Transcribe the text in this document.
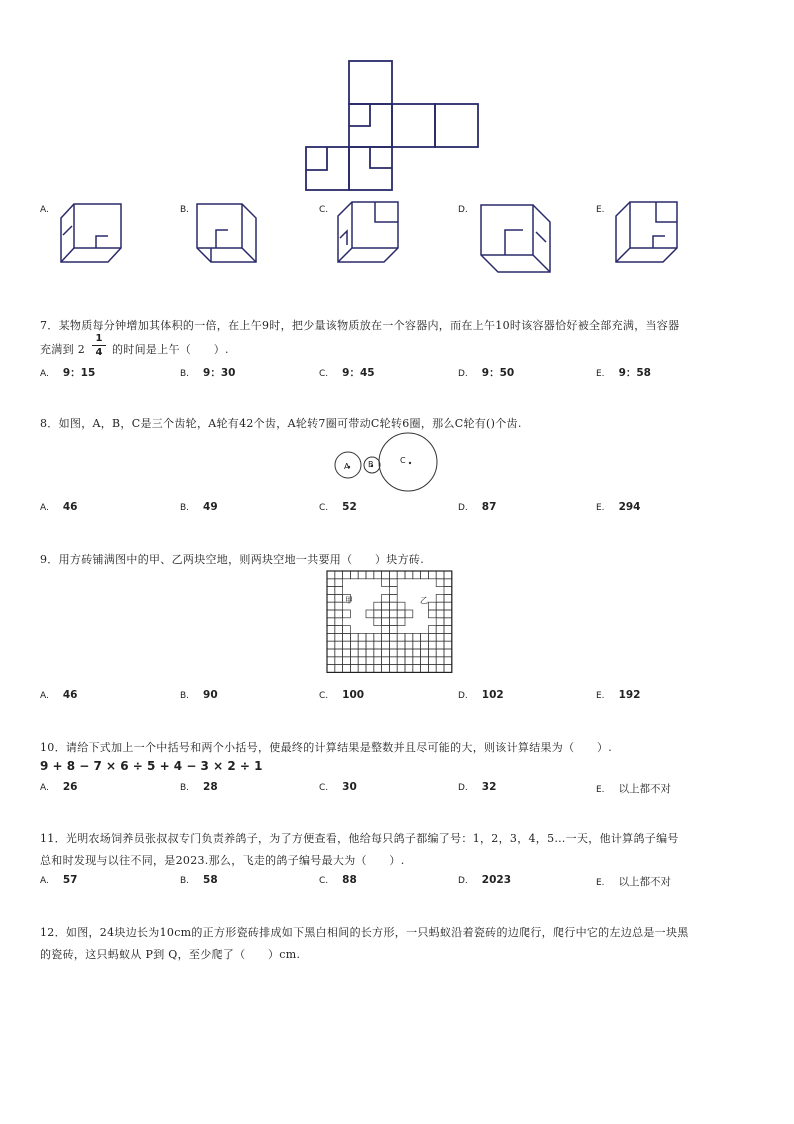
A.	B.	C.	D.	E.
7．某物质每分钟增加其体积的一倍，在上午9时，把少量该物质放在一个容器内，而在上午10时该容器恰好被全部充满，当容器
充满到 $2 \frac{1}{4}$ 的时间是上午（　　）.
A. 9：15	B. 9：30	C. 9：45	D. 9：50	E. 9：58
8．如图，A，B，C是三个齿轮，A轮有42个齿，A轮转7圈可带动C轮转6圈，那么C轮有()个齿.
A B	C
A. 46	B. 49	C. 52	D. 87	E. 294
9．用方砖铺满图中的甲、乙两块空地，则两块空地一共要用（　　）块方砖.
甲	乙
A. 46	B. 90	C. 100	D. 102	E. 192
10．请给下式加上一个中括号和两个小括号，使最终的计算结果是整数并且尽可能的大，则该计算结果为（　　）.
9 + 8 − 7 × 6 ÷ 5 + 4 − 3 × 2 ÷ 1
A. 26	B. 28	C. 30	D. 32	E. 以上都不对
11．光明农场饲养员张叔叔专门负责养鸽子，为了方便查看，他给每只鸽子都编了号：1，2，3，4，5…一天，他计算鸽子编号
总和时发现与以往不同，是2023.那么，飞走的鸽子编号最大为（　　）.
A. 57	B. 58	C. 88	D. 2023	E. 以上都不对
12．如图，24块边长为10cm的正方形瓷砖排成如下黑白相间的长方形，一只蚂蚁沿着瓷砖的边爬行，爬行中它的左边总是一块黑
的瓷砖，这只蚂蚁从 P到 Q，至少爬了（　　）cm.
